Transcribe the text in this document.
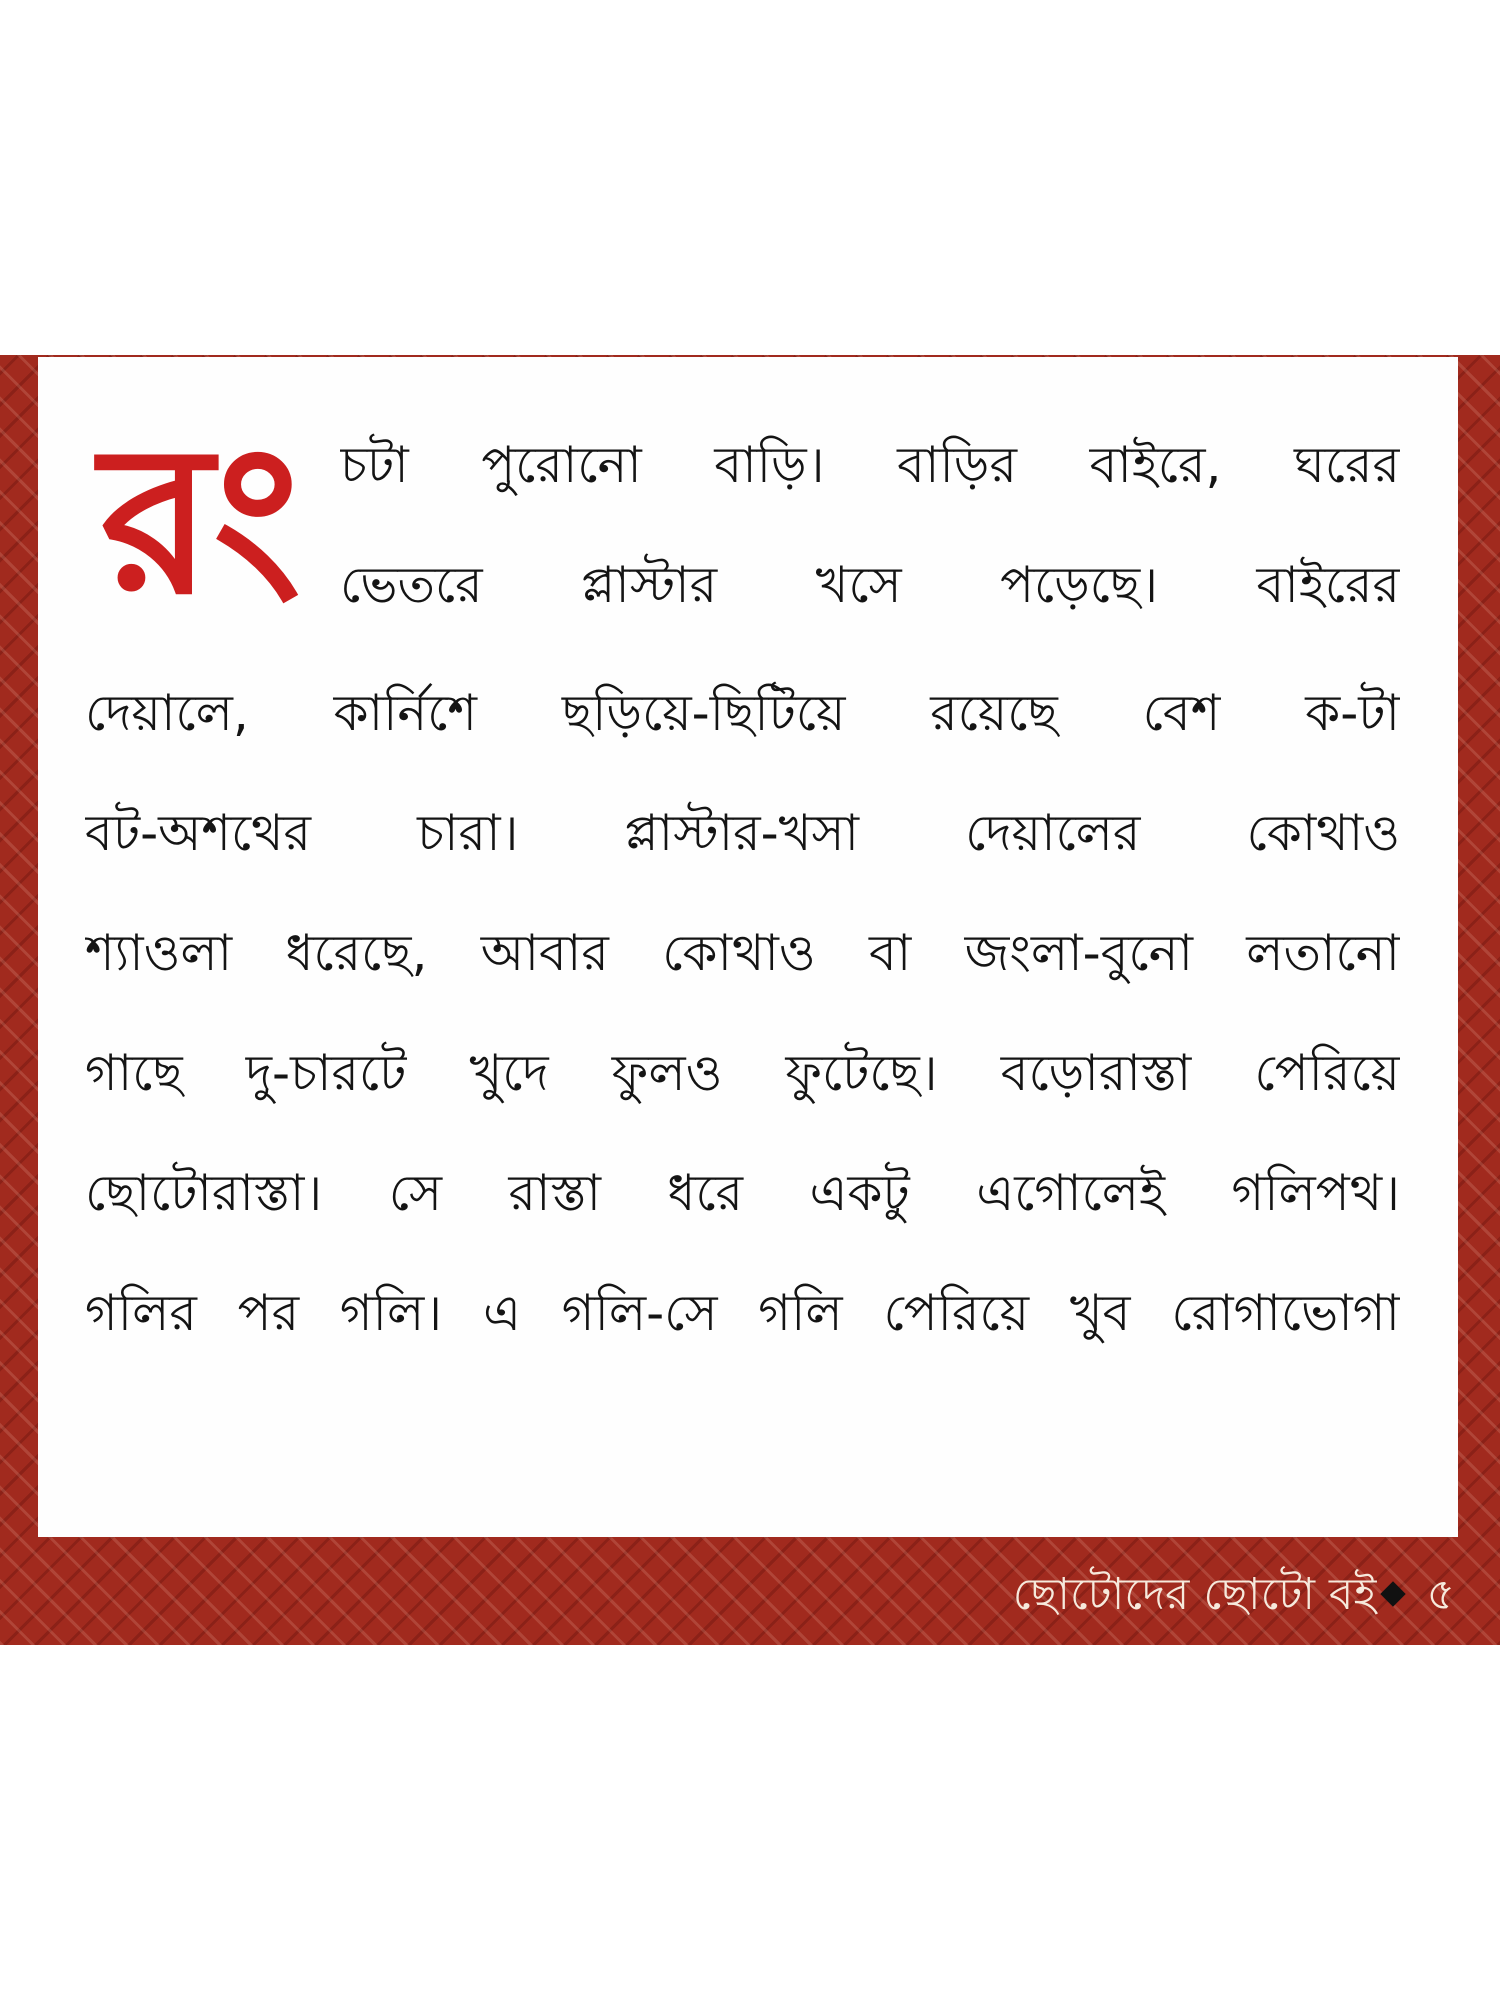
রং চটা পুরোনো বাড়ি। বাড়ির বাইরে, ঘরের
ভেতরে প্লাস্টার খসে পড়েছে। বাইরের
দেয়ালে, কার্নিশে ছড়িয়ে-ছিটিয়ে রয়েছে বেশ ক-টা
বট-অশথের চারা। প্লাস্টার-খসা দেয়ালের কোথাও
শ্যাওলা ধরেছে, আবার কোথাও বা জংলা-বুনো লতানো
গাছে দু-চারটে খুদে ফুলও ফুটেছে। বড়োরাস্তা পেরিয়ে
ছোটোরাস্তা। সে রাস্তা ধরে একটু এগোলেই গলিপথ।
গলির পর গলি। এ গলি-সে গলি পেরিয়ে খুব রোগাভোগা
ছোটোদের ছোটো বই ৫
